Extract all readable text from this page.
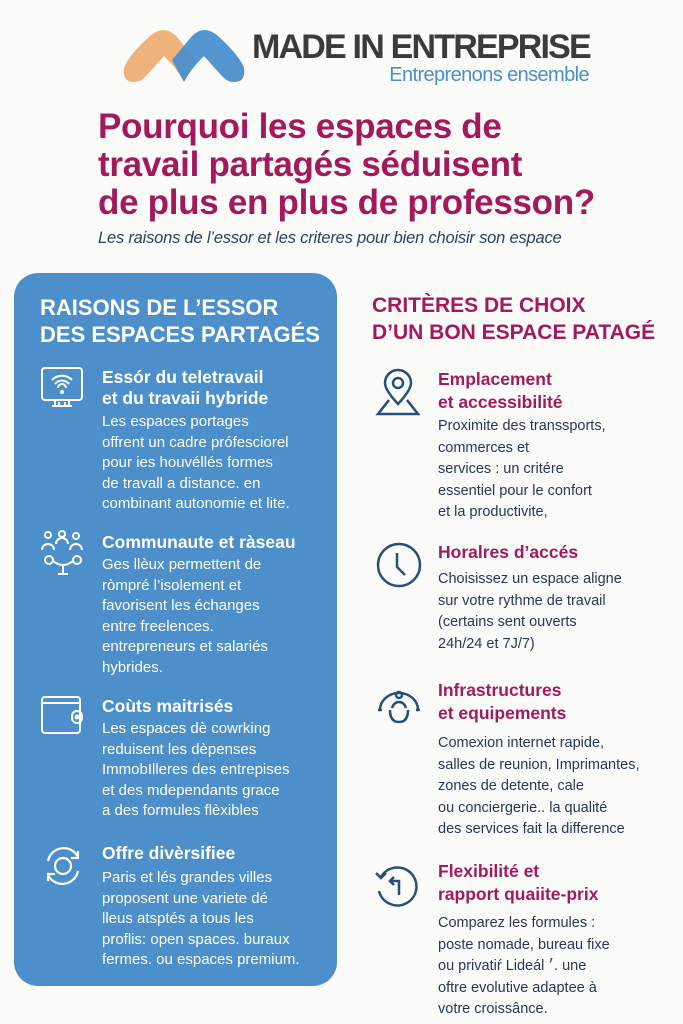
MADE IN ENTREPRISE
Entreprenons ensemble
Pourquoi les espaces de
travail partagés séduisent
de plus en plus de professon?
Les raisons de l’essor et les criteres pour bien choisir son espace
RAISONS DE L’ESSOR
DES ESPACES PARTAGÉS
Essór du teletravail
et du travaii hybride
Les espaces portages
offrent un cadre prófesciorel
pour ies houvéllés formes
de travall a distance. en
combinant autonomie et lite.
Communaute et ràseau
Ges llèux permettent de
ròmpré l’isolement et
favorisent les échanges
entre freelences.
entrepreneurs et salariés
hybrides.
Coùts maitrisés
Les espaces dè cowrking
reduisent les dèpenses
ImmobIlleres des entrepises
et des mdependants grace
a des formules flèxibles
Offre divèrsifiee
Paris et lés grandes villes
proposent une variete dé
lleus atsptés a tous les
proflis: open spaces. buraux
fermes. ou espaces premium.
CRITÈRES DE CHOIX
D’UN BON ESPACE PATAGÉ
Emplacement
et accessibilité
Proximite des transsports,
commerces et
services : un critére
essentiel pour le confort
et la productivite,
Horalres d’accés
Choisissez un espace aligne
sur votre rythme de travail
(certains sent ouverts
24h/24 et 7J/7)
Infrastructures
et equipements
Comexion internet rapide,
salles de reunion, Imprimantes,
zones de detente, cale
ou conciergerie.. la qualité
des services fait la difference
Flexibilité et
rapport quaiite-prix
Comparez les formules :
poste nomade, bureau fixe
ou privatiŕ Lideál ׳. une
oftre evolutive adaptee à
votre croissânce.
